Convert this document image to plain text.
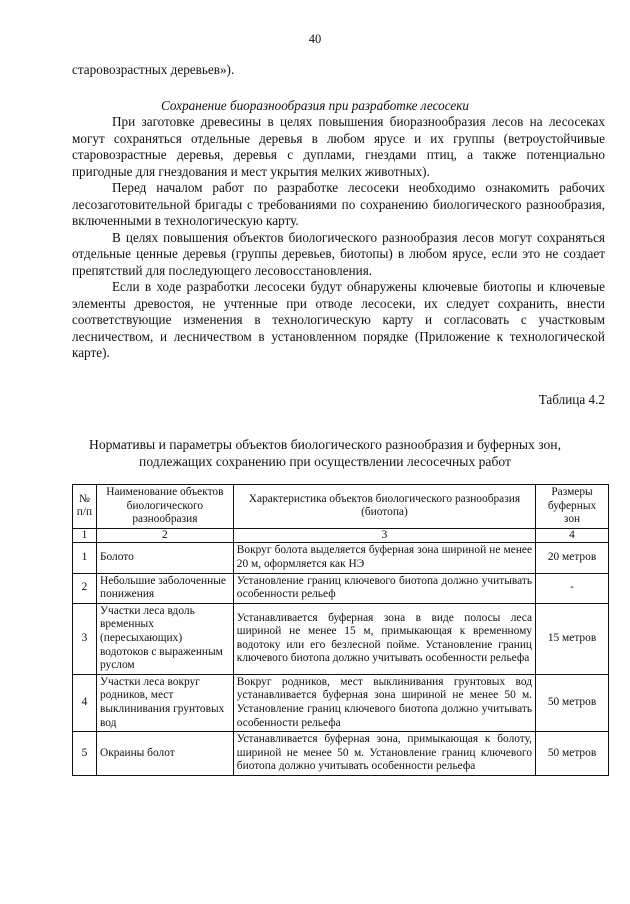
40
старовозрастных деревьев»).
Сохранение биоразнообразия при разработке лесосеки

При заготовке древесины в целях повышения биоразнообразия лесов на лесосеках могут сохраняться отдельные деревья в любом ярусе и их группы (ветроустойчивые старовозрастные деревья, деревья с дуплами, гнездами птиц, а также потенциально пригодные для гнездования и мест укрытия мелких животных).

Перед началом работ по разработке лесосеки необходимо ознакомить рабочих лесозаготовительной бригады с требованиями по сохранению биологического разнообразия, включенными в технологическую карту.

В целях повышения объектов биологического разнообразия лесов могут сохраняться отдельные ценные деревья (группы деревьев, биотопы) в любом ярусе, если это не создает препятствий для последующего лесовосстановления.

Если в ходе разработки лесосеки будут обнаружены ключевые биотопы и ключевые элементы древостоя, не учтенные при отводе лесосеки, их следует сохранить, внести соответствующие изменения в технологическую карту и согласовать с участковым лесничеством, и лесничеством в установленном порядке (Приложение к технологической карте).

Таблица 4.2
Нормативы и параметры объектов биологического разнообразия и буферных зон,
подлежащих сохранению при осуществлении лесосечных работ
№ п/п	Наименование объектов биологического разнообразия	Характеристика объектов биологического разнообразия (биотопа)	Размеры буферных зон
1	2	3	4
1	Болото	Вокруг болота выделяется буферная зона шириной не менее 20 м, оформляется как НЭ	20 метров
2	Небольшие заболоченные понижения	Установление границ ключевого биотопа должно учитывать особенности рельеф	-
3	Участки леса вдоль временных (пересыхающих) водотоков с выраженным руслом	Устанавливается буферная зона в виде полосы леса шириной не менее 15 м, примыкающая к временному водотоку или его безлесной пойме. Установление границ ключевого биотопа должно учитывать особенности рельефа	15 метров
4	Участки леса вокруг родников, мест выклинивания грунтовых вод	Вокруг родников, мест выклинивания грунтовых вод устанавливается буферная зона шириной не менее 50 м. Установление границ ключевого биотопа должно учитывать особенности рельефа	50 метров
5	Окраины болот	Устанавливается буферная зона, примыкающая к болоту, шириной не менее 50 м. Установление границ ключевого биотопа должно учитывать особенности рельефа	50 метров
